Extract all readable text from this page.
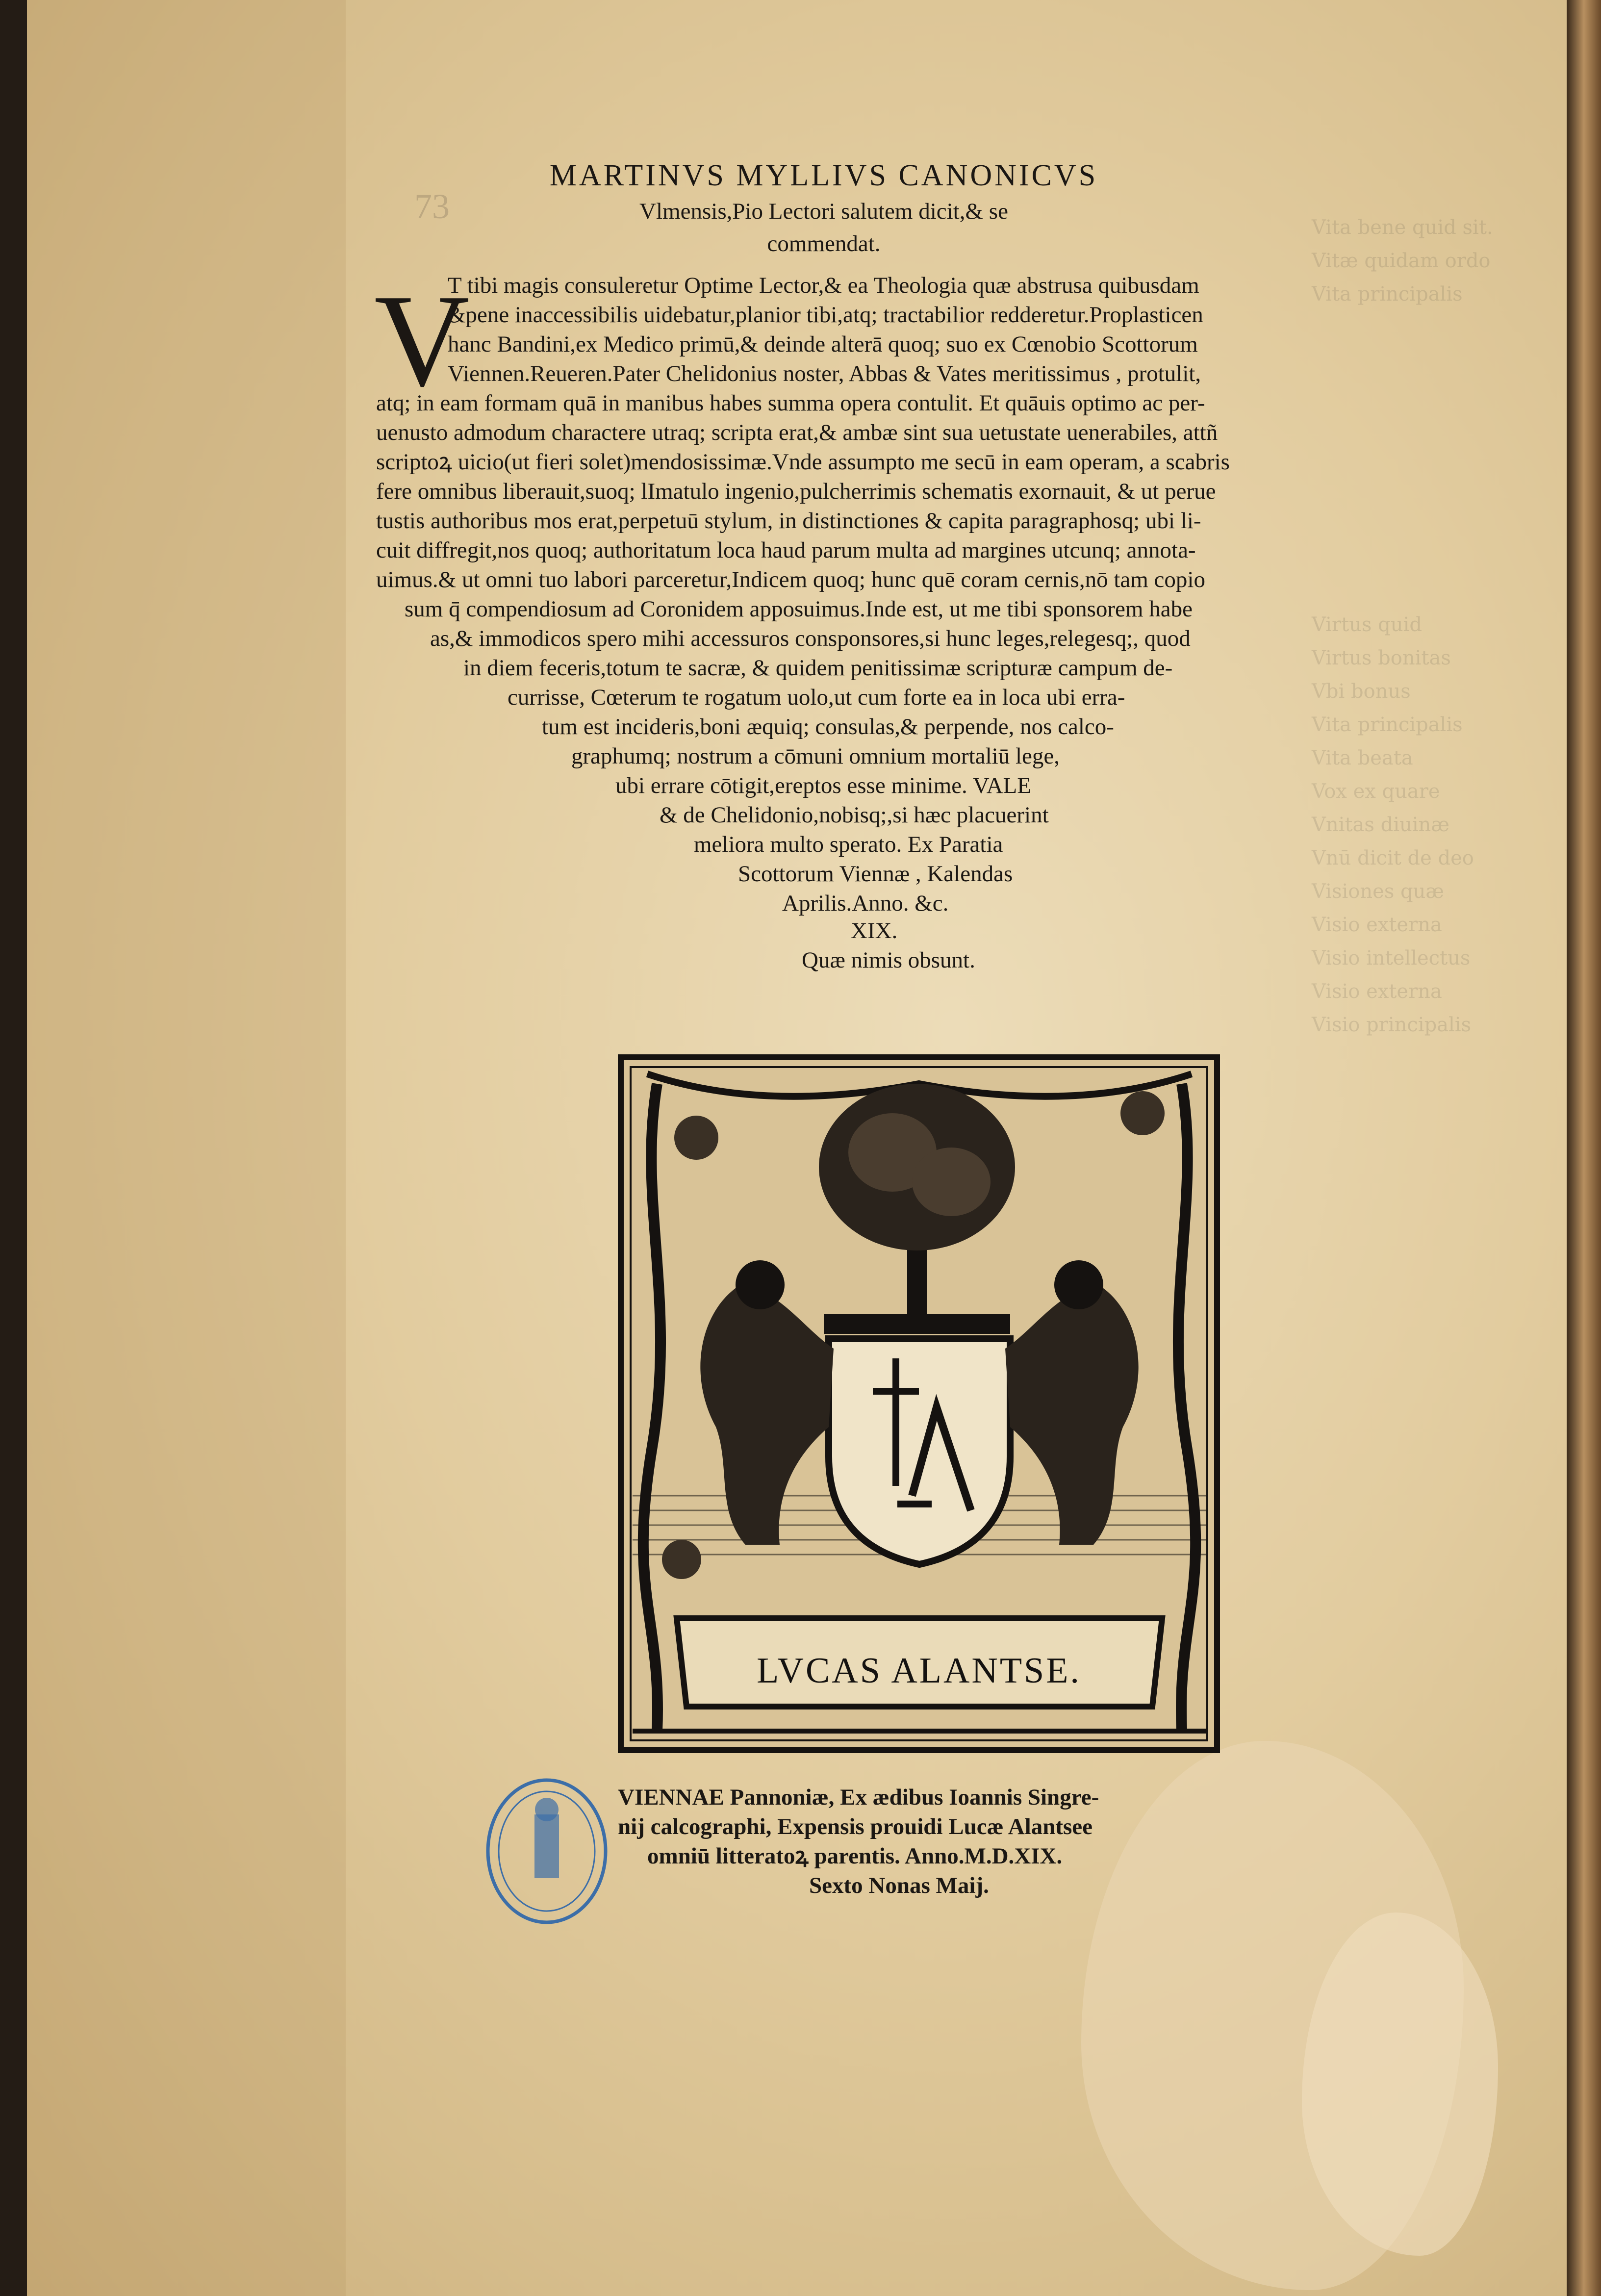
73
Vita bene quid sit.
Vitæ quidam ordo
Vita principalis
Virtus quid
Virtus bonitas
Vbi bonus
Vita principalis
Vita beata
Vox ex quare
Vnitas diuinæ
Vnū dicit de deo
Visiones quæ
Visio externa
Visio intellectus
Visio externa
Visio principalis
MARTINVS MYLLIVS CANONICVS
Vlmensis,Pio Lectori salutem dicit,& se
commendat.
V
T tibi magis consuleretur Optime Lector,& ea Theologia quæ abstrusa quibusdam
&pene inaccessibilis uidebatur,planior tibi,atq; tractabilior redderetur.Proplasticen
hanc Bandini,ex Medico primū,& deinde alterā quoq; suo ex Cœnobio Scottorum
Viennen.Reueren.Pater Chelidonius noster, Abbas & Vates meritissimus , protulit,
atq; in eam formam quā in manibus habes summa opera contulit. Et quāuis optimo ac per-
uenusto admodum charactere utraq; scripta erat,& ambæ sint sua uetustate uenerabiles, attñ
scriptoꝝ uicio(ut fieri solet)mendosissimæ.Vnde assumpto me secū in eam operam, a scabris
fere omnibus liberauit,suoq; lImatulo ingenio,pulcherrimis schematis exornauit, & ut perue
tustis authoribus mos erat,perpetuū stylum, in distinctiones & capita paragraphosq; ubi li-
cuit diffregit,nos quoq; authoritatum loca haud parum multa ad margines utcunq; annota-
uimus.& ut omni tuo labori parceretur,Indicem quoq; hunc quē coram cernis,nō tam copio
sum q̄ compendiosum ad Coronidem apposuimus.Inde est, ut me tibi sponsorem habe
as,& immodicos spero mihi accessuros consponsores,si hunc leges,relegesq;, quod
in diem feceris,totum te sacræ, & quidem penitissimæ scripturæ campum de-
currisse, Cœterum te rogatum uolo,ut cum forte ea in loca ubi erra-
tum est incideris,boni æquiq; consulas,& perpende, nos calco-
graphumq; nostrum a cōmuni omnium mortaliū lege,
ubi errare cōtigit,ereptos esse minime. VALE
& de Chelidonio,nobisq;,si hæc placuerint
meliora multo sperato. Ex Paratia
Scottorum Viennæ , Kalendas
Aprilis.Anno. &c.
XIX.
Quæ nimis obsunt.
LVCAS ALANTSE.
VIENNAE Pannoniæ, Ex ædibus Ioannis Singre-
nij calcographi, Expensis prouidi Lucæ Alantsee
omniū litteratoꝝ parentis. Anno.M.D.XIX.
Sexto Nonas Maij.
